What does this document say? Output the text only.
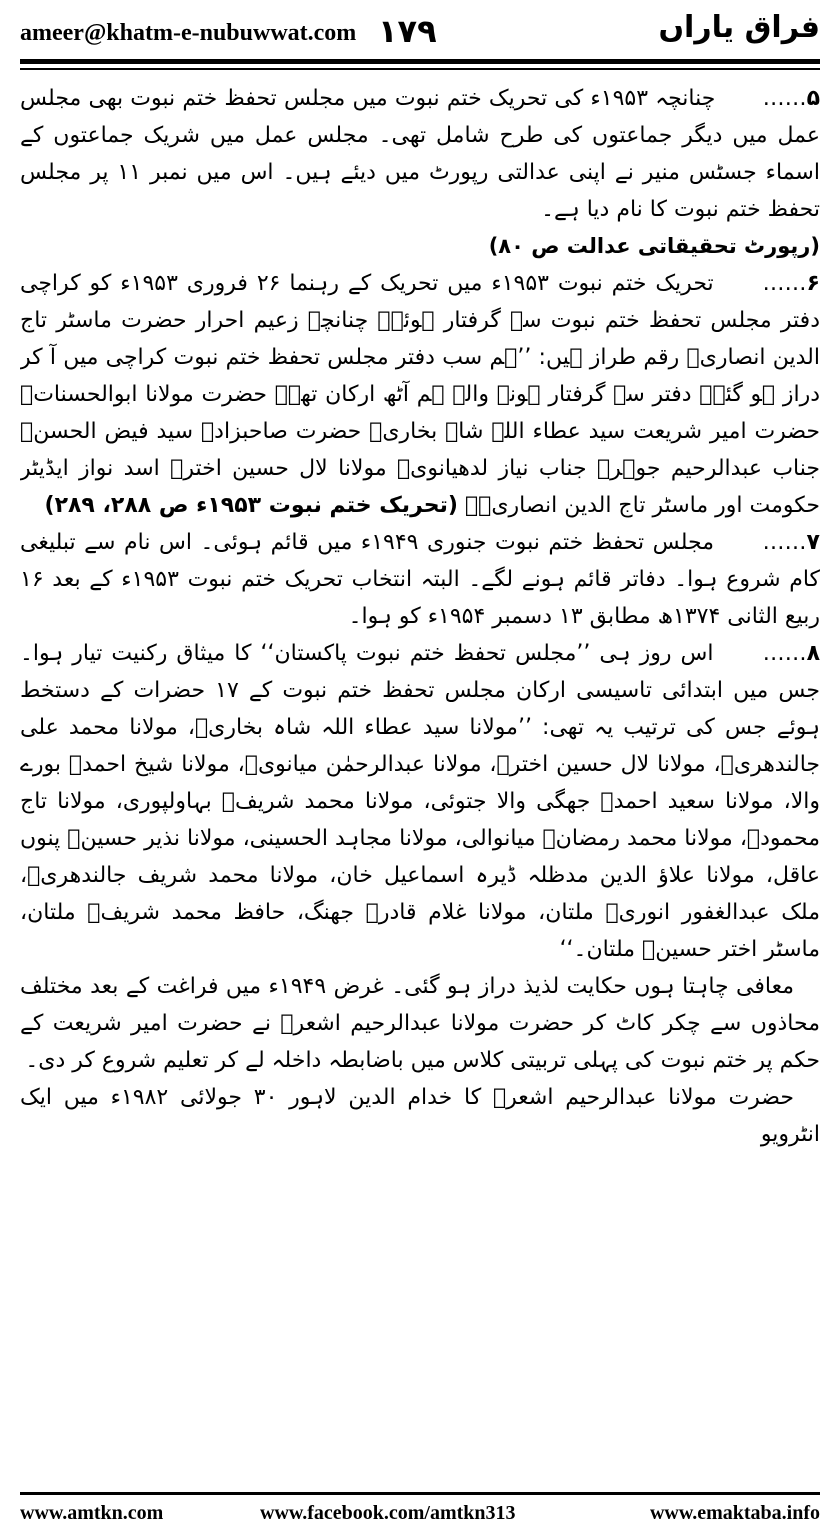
ameer@khatm-e-nubuwwat.com ۱۷۹	فراق یاراں

۵…… چنانچہ ۱۹۵۳ء کی تحریک ختم نبوت میں مجلس تحفظ ختم نبوت بھی مجلس عمل میں دیگر جماعتوں کی طرح شامل تھی۔ مجلس عمل میں شریک جماعتوں کے اسماء جسٹس منیر نے اپنی عدالتی رپورٹ میں دیئے ہیں۔ اس میں نمبر ۱۱ پر مجلس تحفظ ختم نبوت کا نام دیا ہے۔

(رپورٹ تحقیقاتی عدالت ص ۸۰)

۶…… تحریک ختم نبوت ۱۹۵۳ء میں تحریک کے رہنما ۲۶ فروری ۱۹۵۳ء کو کراچی دفتر مجلس تحفظ ختم نبوت سے گرفتار ہوئے۔ چنانچہ زعیم احرار حضرت ماسٹر تاج الدین انصاریؒ رقم طراز ہیں: ’’ہم سب دفتر مجلس تحفظ ختم نبوت کراچی میں آ کر دراز ہو گئے۔ دفتر سے گرفتار ہونے والے ہم آٹھ ارکان تھے۔ حضرت مولانا ابوالحسناتؒ حضرت امیر شریعت سید عطاء اللہ شاہ بخاریؒ حضرت صاحبزادہ سید فیض الحسنؒ جناب عبدالرحیم جوہرؒ جناب نیاز لدھیانویؒ مولانا لال حسین اخترؒ اسد نواز ایڈیٹر حکومت اور ماسٹر تاج الدین انصاریؒ۔ (تحریک ختم نبوت ۱۹۵۳ء ص ۲۸۸، ۲۸۹)

۷…… مجلس تحفظ ختم نبوت جنوری ۱۹۴۹ء میں قائم ہوئی۔ اس نام سے تبلیغی کام شروع ہوا۔ دفاتر قائم ہونے لگے۔ البتہ انتخاب تحریک ختم نبوت ۱۹۵۳ء کے بعد ۱۶ ربیع الثانی ۱۳۷۴ھ مطابق ۱۳ دسمبر ۱۹۵۴ء کو ہوا۔

۸…… اس روز ہی ’’مجلس تحفظ ختم نبوت پاکستان‘‘ کا میثاق رکنیت تیار ہوا۔ جس میں ابتدائی تاسیسی ارکان مجلس تحفظ ختم نبوت کے ۱۷ حضرات کے دستخط ہوئے جس کی ترتیب یہ تھی: ’’مولانا سید عطاء اللہ شاہ بخاریؒ، مولانا محمد علی جالندھریؒ، مولانا لال حسین اخترؒ، مولانا عبدالرحمٰن میانویؒ، مولانا شیخ احمدؒ بورے والا، مولانا سعید احمدؒ جھگی والا جتوئی، مولانا محمد شریفؒ بہاولپوری، مولانا تاج محمودؒ، مولانا محمد رمضانؒ میانوالی، مولانا مجاہد الحسینی، مولانا نذیر حسینؒ پنوں عاقل، مولانا علاؤ الدین مدظلہ ڈیرہ اسماعیل خان، مولانا محمد شریف جالندھریؒ، ملک عبدالغفور انوریؒ ملتان، مولانا غلام قادرؒ جھنگ، حافظ محمد شریفؒ ملتان، ماسٹر اختر حسینؒ ملتان۔‘‘

معافی چاہتا ہوں حکایت لذیذ دراز ہو گئی۔ غرض ۱۹۴۹ء میں فراغت کے بعد مختلف محاذوں سے چکر کاٹ کر حضرت مولانا عبدالرحیم اشعرؒ نے حضرت امیر شریعت کے حکم پر ختم نبوت کی پہلی تربیتی کلاس میں باضابطہ داخلہ لے کر تعلیم شروع کر دی۔

حضرت مولانا عبدالرحیم اشعرؒ کا خدام الدین لاہور ۳۰ جولائی ۱۹۸۲ء میں ایک انٹرویو

www.amtkn.com	www.facebook.com/amtkn313	www.emaktaba.info
